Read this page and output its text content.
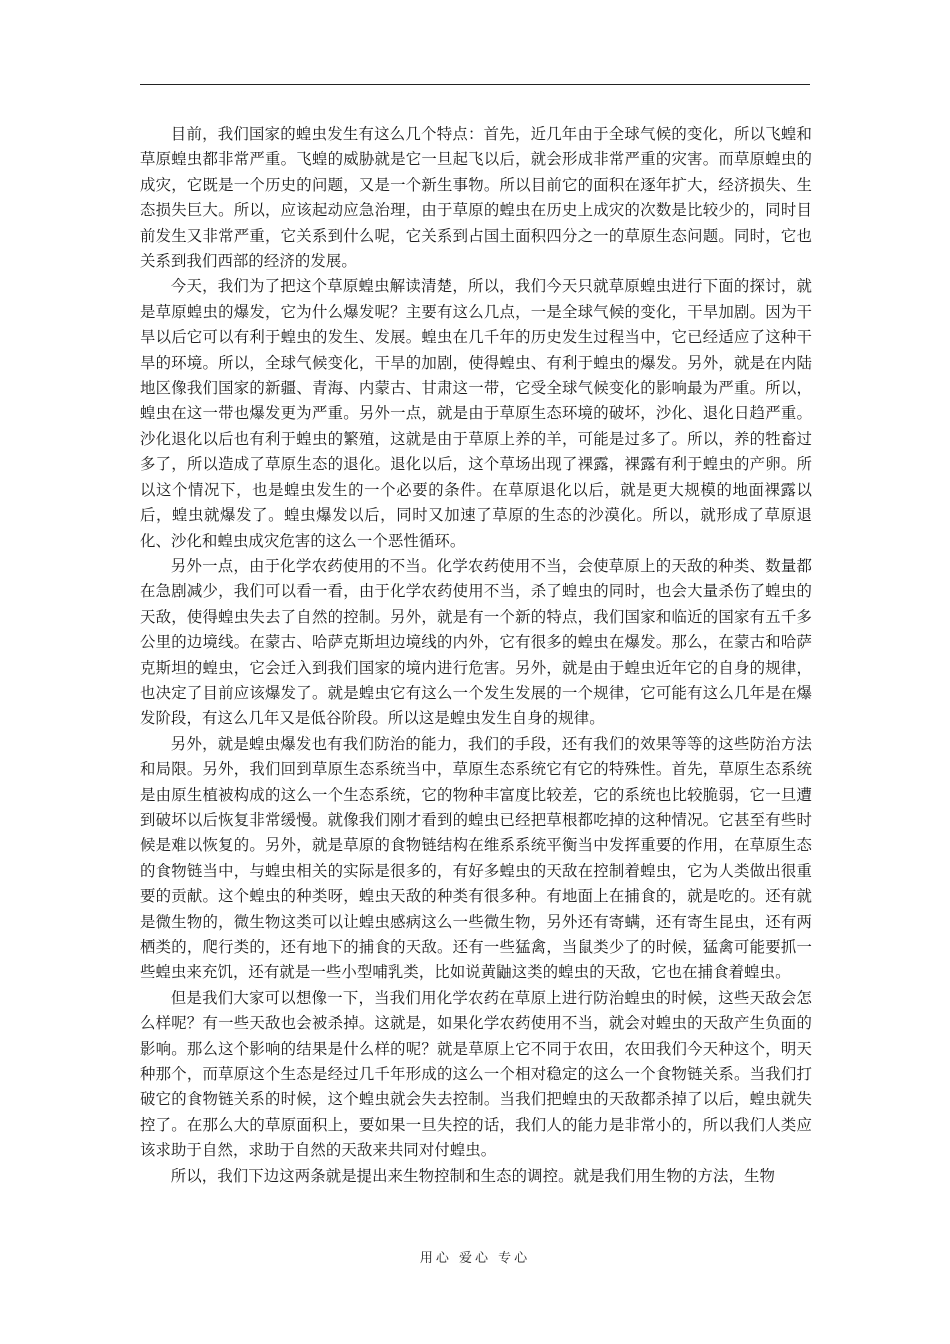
目前，我们国家的蝗虫发生有这么几个特点：首先，近几年由于全球气候的变化，所以飞蝗和草原蝗虫都非常严重。飞蝗的威胁就是它一旦起飞以后，就会形成非常严重的灾害。而草原蝗虫的成灾，它既是一个历史的问题，又是一个新生事物。所以目前它的面积在逐年扩大，经济损失、生态损失巨大。所以，应该起动应急治理，由于草原的蝗虫在历史上成灾的次数是比较少的，同时目前发生又非常严重，它关系到什么呢，它关系到占国土面积四分之一的草原生态问题。同时，它也关系到我们西部的经济的发展。

今天，我们为了把这个草原蝗虫解读清楚，所以，我们今天只就草原蝗虫进行下面的探讨，就是草原蝗虫的爆发，它为什么爆发呢？主要有这么几点，一是全球气候的变化，干旱加剧。因为干旱以后它可以有利于蝗虫的发生、发展。蝗虫在几千年的历史发生过程当中，它已经适应了这种干旱的环境。所以，全球气候变化，干旱的加剧，使得蝗虫、有利于蝗虫的爆发。另外，就是在内陆地区像我们国家的新疆、青海、内蒙古、甘肃这一带，它受全球气候变化的影响最为严重。所以，蝗虫在这一带也爆发更为严重。另外一点，就是由于草原生态环境的破坏，沙化、退化日趋严重。沙化退化以后也有利于蝗虫的繁殖，这就是由于草原上养的羊，可能是过多了。所以，养的牲畜过多了，所以造成了草原生态的退化。退化以后，这个草场出现了裸露，裸露有利于蝗虫的产卵。所以这个情况下，也是蝗虫发生的一个必要的条件。在草原退化以后，就是更大规模的地面裸露以后，蝗虫就爆发了。蝗虫爆发以后，同时又加速了草原的生态的沙漠化。所以，就形成了草原退化、沙化和蝗虫成灾危害的这么一个恶性循环。

另外一点，由于化学农药使用的不当。化学农药使用不当，会使草原上的天敌的种类、数量都在急剧减少，我们可以看一看，由于化学农药使用不当，杀了蝗虫的同时，也会大量杀伤了蝗虫的天敌，使得蝗虫失去了自然的控制。另外，就是有一个新的特点，我们国家和临近的国家有五千多公里的边境线。在蒙古、哈萨克斯坦边境线的内外，它有很多的蝗虫在爆发。那么，在蒙古和哈萨克斯坦的蝗虫，它会迁入到我们国家的境内进行危害。另外，就是由于蝗虫近年它的自身的规律，也决定了目前应该爆发了。就是蝗虫它有这么一个发生发展的一个规律，它可能有这么几年是在爆发阶段，有这么几年又是低谷阶段。所以这是蝗虫发生自身的规律。

另外，就是蝗虫爆发也有我们防治的能力，我们的手段，还有我们的效果等等的这些防治方法和局限。另外，我们回到草原生态系统当中，草原生态系统它有它的特殊性。首先，草原生态系统是由原生植被构成的这么一个生态系统，它的物种丰富度比较差，它的系统也比较脆弱，它一旦遭到破坏以后恢复非常缓慢。就像我们刚才看到的蝗虫已经把草根都吃掉的这种情况。它甚至有些时候是难以恢复的。另外，就是草原的食物链结构在维系系统平衡当中发挥重要的作用，在草原生态的食物链当中，与蝗虫相关的实际是很多的，有好多蝗虫的天敌在控制着蝗虫，它为人类做出很重要的贡献。这个蝗虫的种类呀，蝗虫天敌的种类有很多种。有地面上在捕食的，就是吃的。还有就是微生物的，微生物这类可以让蝗虫感病这么一些微生物，另外还有寄螨，还有寄生昆虫，还有两栖类的，爬行类的，还有地下的捕食的天敌。还有一些猛禽，当鼠类少了的时候，猛禽可能要抓一些蝗虫来充饥，还有就是一些小型哺乳类，比如说黄鼬这类的蝗虫的天敌，它也在捕食着蝗虫。

但是我们大家可以想像一下，当我们用化学农药在草原上进行防治蝗虫的时候，这些天敌会怎么样呢？有一些天敌也会被杀掉。这就是，如果化学农药使用不当，就会对蝗虫的天敌产生负面的影响。那么这个影响的结果是什么样的呢？就是草原上它不同于农田，农田我们今天种这个，明天种那个，而草原这个生态是经过几千年形成的这么一个相对稳定的这么一个食物链关系。当我们打破它的食物链关系的时候，这个蝗虫就会失去控制。当我们把蝗虫的天敌都杀掉了以后，蝗虫就失控了。在那么大的草原面积上，要如果一旦失控的话，我们人的能力是非常小的，所以我们人类应该求助于自然，求助于自然的天敌来共同对付蝗虫。

所以，我们下边这两条就是提出来生物控制和生态的调控。就是我们用生物的方法，生物

用心 爱心 专心
